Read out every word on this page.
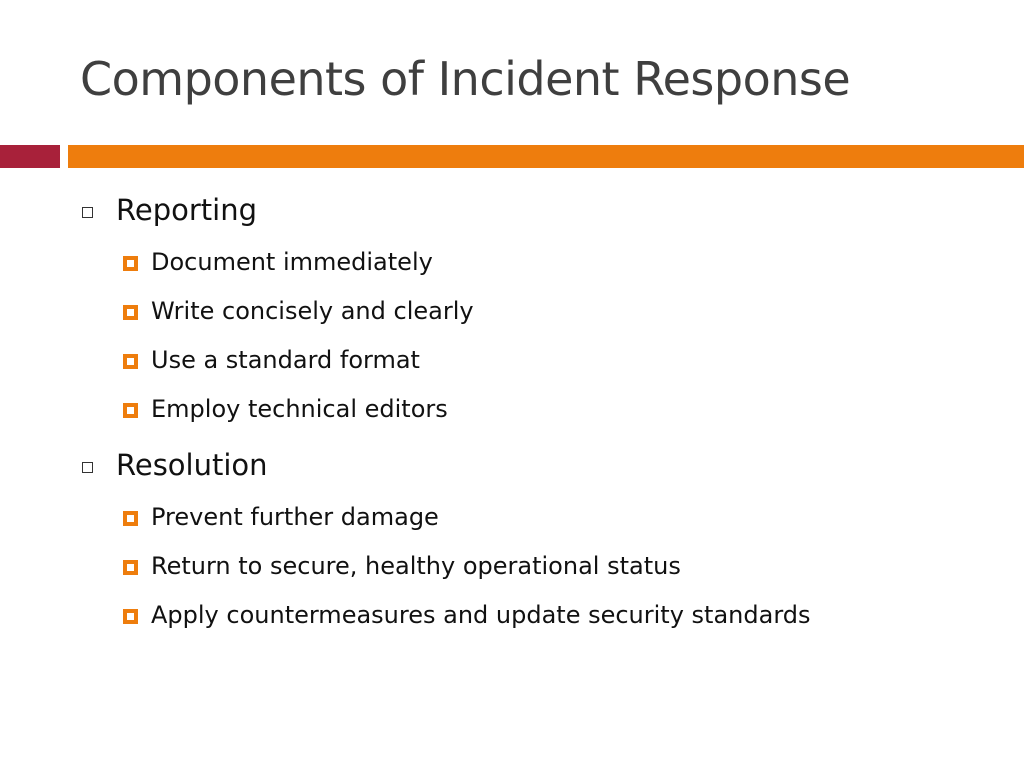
Components of Incident Response
Reporting
Document immediately
Write concisely and clearly
Use a standard format
Employ technical editors
Resolution
Prevent further damage
Return to secure, healthy operational status
Apply countermeasures and update security standards
